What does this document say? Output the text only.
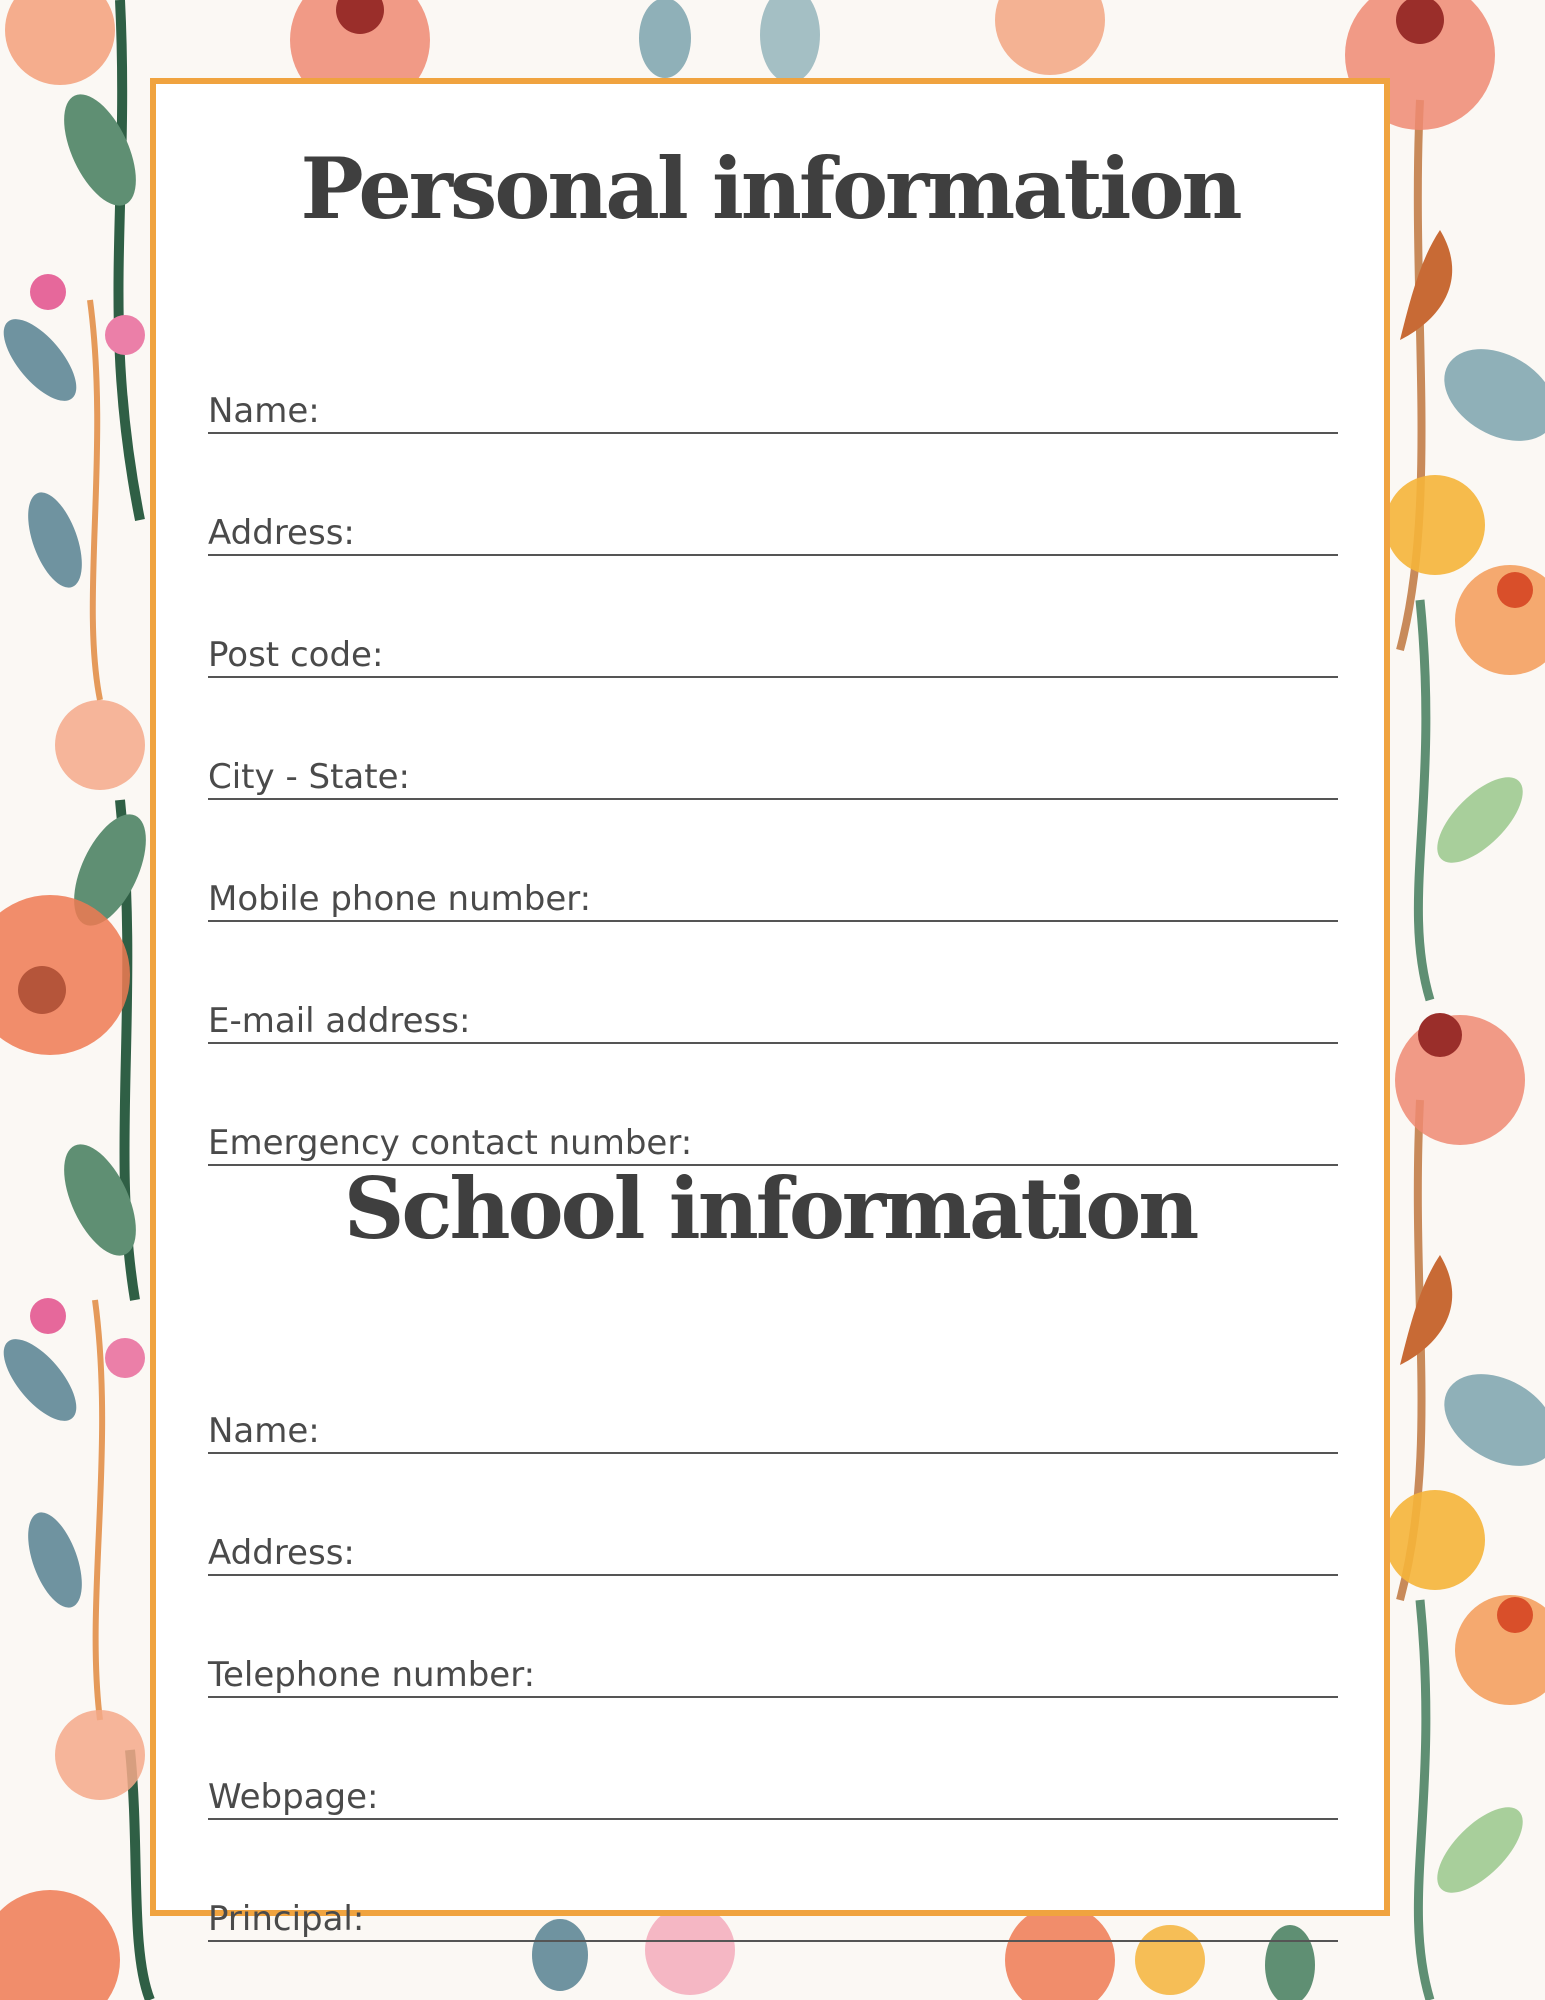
Personal information
Name:
Address:
Post code:
City - State:
Mobile phone number:
E-mail address:
Emergency contact number:
School information
Name:
Address:
Telephone number:
Webpage:
Principal:
